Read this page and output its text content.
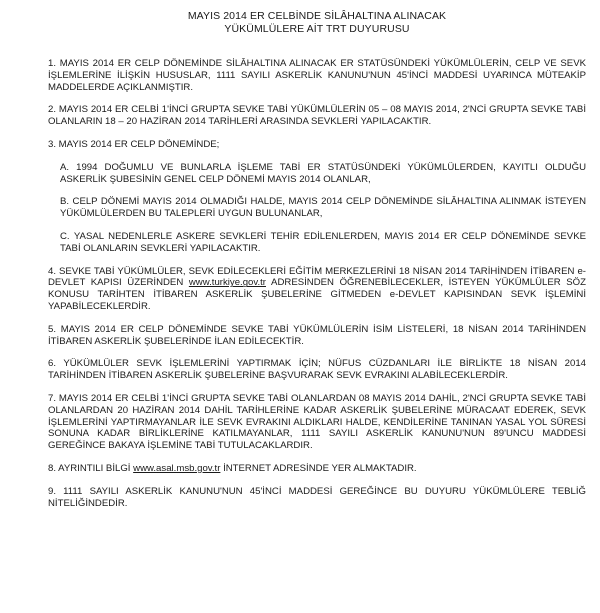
MAYIS 2014 ER CELBİNDE SİLÂHALTINA ALINACAK
YÜKÜMLÜLERE AİT TRT DUYURUSU

1. MAYIS 2014 ER CELP DÖNEMİNDE SİLÂHALTINA ALINACAK ER STATÜSÜNDEKİ YÜKÜMLÜLERİN, CELP VE SEVK İŞLEMLERİNE İLİŞKİN HUSUSLAR, 1111 SAYILI ASKERLİK KANUNU'NUN 45'İNCİ MADDESİ UYARINCA MÜTEAKİP MADDELERDE AÇIKLANMIŞTIR.

2. MAYIS 2014 ER CELBİ 1'İNCİ GRUPTA SEVKE TABİ YÜKÜMLÜLERİN 05 – 08 MAYIS 2014, 2'NCİ GRUPTA SEVKE TABİ OLANLARIN 18 – 20 HAZİRAN 2014 TARİHLERİ ARASINDA SEVKLERİ YAPILACAKTIR.

3. MAYIS 2014 ER CELP DÖNEMİNDE;

A. 1994 DOĞUMLU VE BUNLARLA İŞLEME TABİ ER STATÜSÜNDEKİ YÜKÜMLÜLERDEN, KAYITLI OLDUĞU ASKERLİK ŞUBESİNİN GENEL CELP DÖNEMİ MAYIS 2014 OLANLAR,

B. CELP DÖNEMİ MAYIS 2014 OLMADIĞI HALDE, MAYIS 2014 CELP DÖNEMİNDE SİLÂHALTINA ALINMAK İSTEYEN YÜKÜMLÜLERDEN BU TALEPLERİ UYGUN BULUNANLAR,

C. YASAL NEDENLERLE ASKERE SEVKLERİ TEHİR EDİLENLERDEN, MAYIS 2014 ER CELP DÖNEMİNDE SEVKE TABİ OLANLARIN SEVKLERİ YAPILACAKTIR.

4. SEVKE TABİ YÜKÜMLÜLER, SEVK EDİLECEKLERİ EĞİTİM MERKEZLERİNİ 18 NİSAN 2014 TARİHİNDEN İTİBAREN e-DEVLET KAPISI ÜZERİNDEN www.turkiye.gov.tr ADRESİNDEN ÖĞRENEBİLECEKLER, İSTEYEN YÜKÜMLÜLER SÖZ KONUSU TARİHTEN İTİBAREN ASKERLİK ŞUBELERİNE GİTMEDEN e-DEVLET KAPISINDAN SEVK İŞLEMİNİ YAPABİLECEKLERDİR.

5. MAYIS 2014 ER CELP DÖNEMİNDE SEVKE TABİ YÜKÜMLÜLERİN İSİM LİSTELERİ, 18 NİSAN 2014 TARİHİNDEN İTİBAREN ASKERLİK ŞUBELERİNDE İLAN EDİLECEKTİR.

6. YÜKÜMLÜLER SEVK İŞLEMLERİNİ YAPTIRMAK İÇİN; NÜFUS CÜZDANLARI İLE BİRLİKTE 18 NİSAN 2014 TARİHİNDEN İTİBAREN ASKERLİK ŞUBELERİNE BAŞVURARAK SEVK EVRAKINI ALABİLECEKLERDİR.

7. MAYIS 2014 ER CELBİ 1'İNCİ GRUPTA SEVKE TABİ OLANLARDAN 08 MAYIS 2014 DAHİL, 2'NCİ GRUPTA SEVKE TABİ OLANLARDAN 20 HAZİRAN 2014 DAHİL TARİHLERİNE KADAR ASKERLİK ŞUBELERİNE MÜRACAAT EDEREK, SEVK İŞLEMLERİNİ YAPTIRMAYANLAR İLE SEVK EVRAKINI ALDIKLARI HALDE, KENDİLERİNE TANINAN YASAL YOL SÜRESİ SONUNA KADAR BİRLİKLERİNE KATILMAYANLAR, 1111 SAYILI ASKERLİK KANUNU'NUN 89'UNCU MADDESİ GEREĞİNCE BAKAYA İŞLEMİNE TABİ TUTULACAKLARDIR.

8. AYRINTILI BİLGİ www.asal.msb.gov.tr İNTERNET ADRESİNDE YER ALMAKTADIR.

9. 1111 SAYILI ASKERLİK KANUNU'NUN 45'İNCİ MADDESİ GEREĞİNCE BU DUYURU YÜKÜMLÜLERE TEBLİĞ NİTELİĞİNDEDİR.
